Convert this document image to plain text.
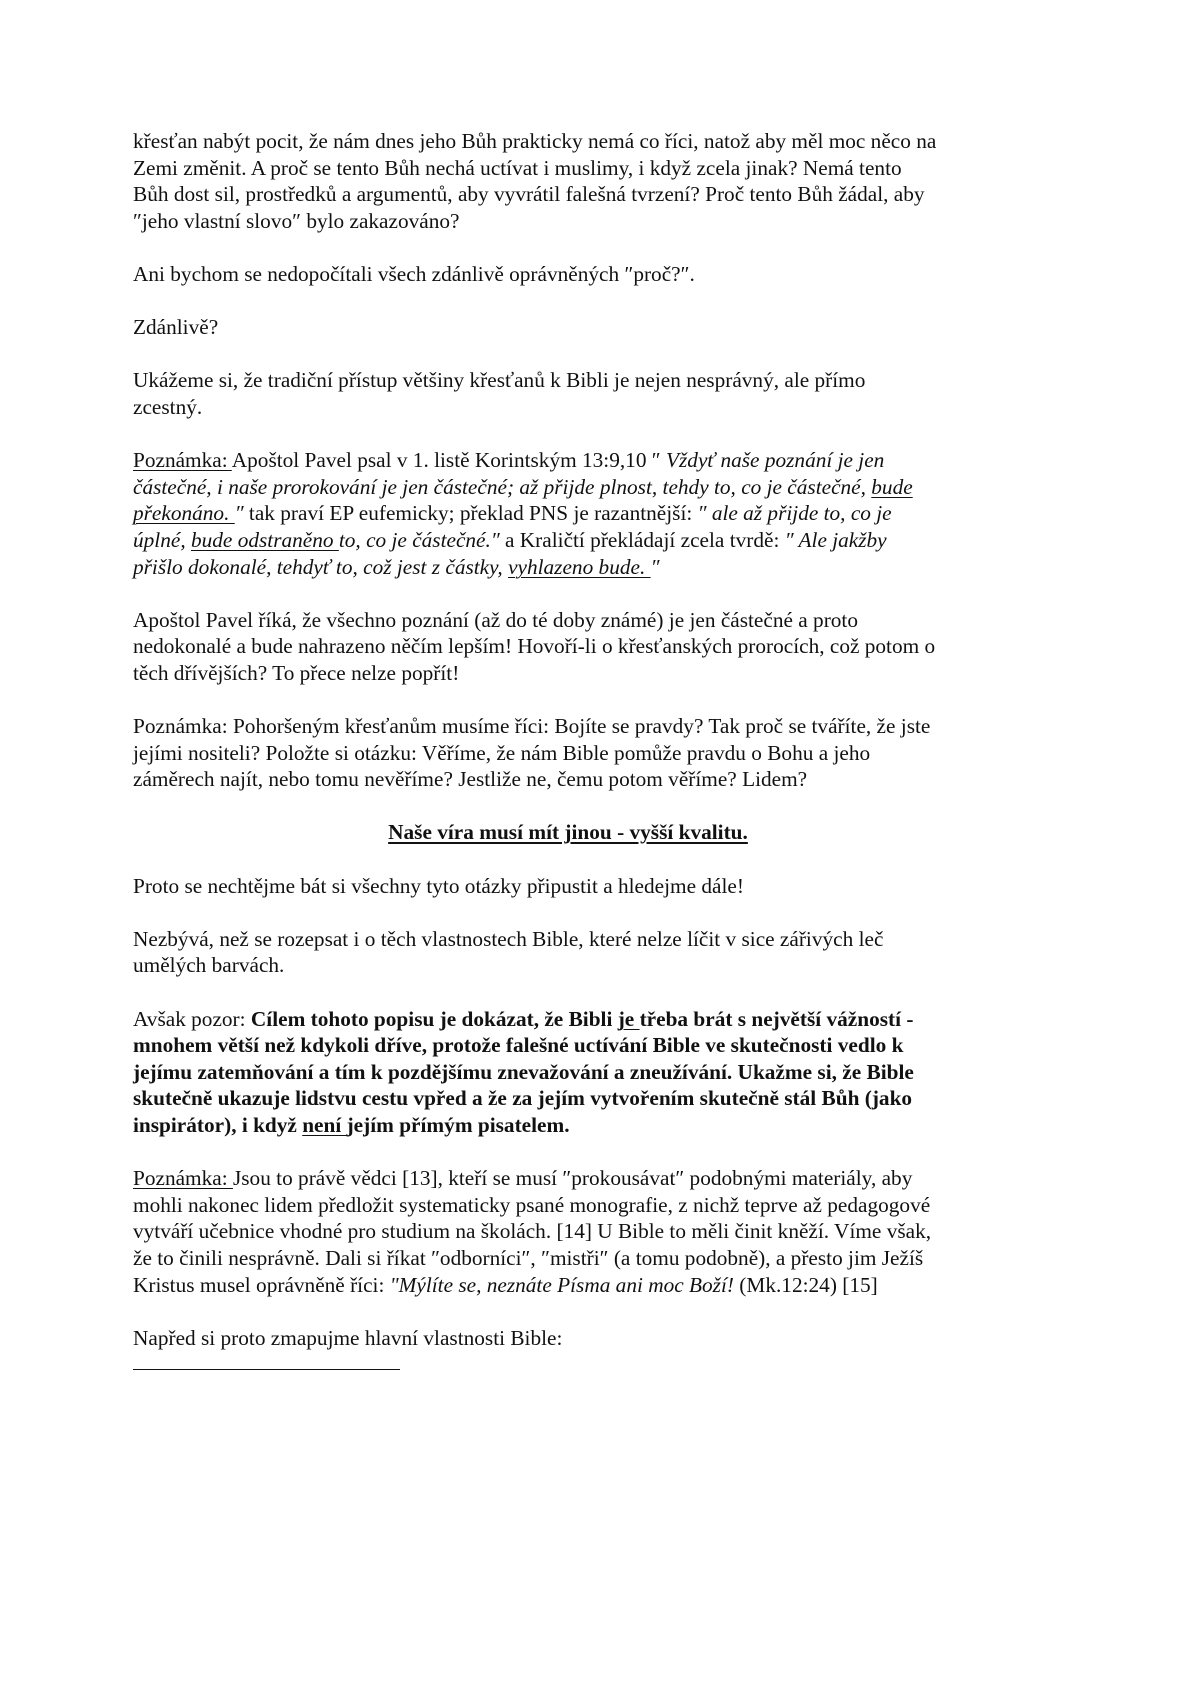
křesťan nabýt pocit, že nám dnes jeho Bůh prakticky nemá co říci, natož aby měl moc něco na
Zemi změnit. A proč se tento Bůh nechá uctívat i muslimy, i když zcela jinak? Nemá tento
Bůh dost sil, prostředků a argumentů, aby vyvrátil falešná tvrzení? Proč tento Bůh žádal, aby
″jeho vlastní slovo″ bylo zakazováno?

Ani bychom se nedopočítali všech zdánlivě oprávněných ″proč?″.

Zdánlivě?

Ukážeme si, že tradiční přístup většiny křesťanů k Bibli je nejen nesprávný, ale přímo
zcestný.

Poznámka: Apoštol Pavel psal v 1. listě Korintským 13:9,10 ″ Vždyť naše poznání je jen
částečné, i naše prorokování je jen částečné; až přijde plnost, tehdy to, co je částečné, bude
překonáno. ″ tak praví EP eufemicky; překlad PNS je razantnější: ″ ale až přijde to, co je
úplné, bude odstraněno to, co je částečné.″ a Kraličtí překládají zcela tvrdě: ″ Ale jakžby
přišlo dokonalé, tehdyť to, což jest z částky, vyhlazeno bude. ″

Apoštol Pavel říká, že všechno poznání (až do té doby známé) je jen částečné a proto
nedokonalé a bude nahrazeno něčím lepším! Hovoří-li o křesťanských prorocích, což potom o
těch dřívějších? To přece nelze popřít!

Poznámka: Pohoršeným křesťanům musíme říci: Bojíte se pravdy? Tak proč se tváříte, že jste
jejími nositeli? Položte si otázku: Věříme, že nám Bible pomůže pravdu o Bohu a jeho
záměrech najít, nebo tomu nevěříme? Jestliže ne, čemu potom věříme? Lidem?

Naše víra musí mít jinou - vyšší kvalitu.

Proto se nechtějme bát si všechny tyto otázky připustit a hledejme dále!

Nezbývá, než se rozepsat i o těch vlastnostech Bible, které nelze líčit v sice zářivých leč
umělých barvách.

Avšak pozor: Cílem tohoto popisu je dokázat, že Bibli je třeba brát s největší vážností -
mnohem větší než kdykoli dříve, protože falešné uctívání Bible ve skutečnosti vedlo k
jejímu zatemňování a tím k pozdějšímu znevažování a zneužívání. Ukažme si, že Bible
skutečně ukazuje lidstvu cestu vpřed a že za jejím vytvořením skutečně stál Bůh (jako
inspirátor), i když není jejím přímým pisatelem.

Poznámka: Jsou to právě vědci [13], kteří se musí ″prokousávat″ podobnými materiály, aby
mohli nakonec lidem předložit systematicky psané monografie, z nichž teprve až pedagogové
vytváří učebnice vhodné pro studium na školách. [14] U Bible to měli činit kněží. Víme však,
že to činili nesprávně. Dali si říkat ″odborníci″, ″mistři″ (a tomu podobně), a přesto jim Ježíš
Kristus musel oprávněně říci: "Mýlíte se, neznáte Písma ani moc Boží! (Mk.12:24) [15]

Napřed si proto zmapujme hlavní vlastnosti Bible:
